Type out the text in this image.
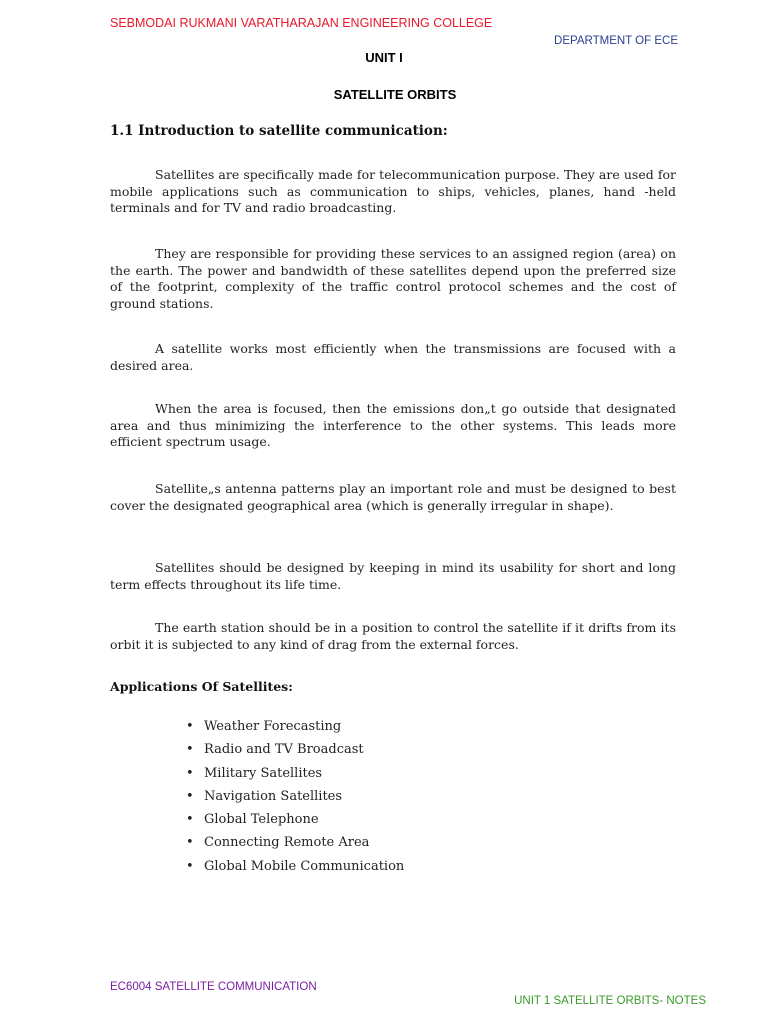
SEBMODAI RUKMANI VARATHARAJAN ENGINEERING COLLEGE
DEPARTMENT OF ECE
UNIT I
SATELLITE ORBITS
1.1 Introduction to satellite communication:

Satellites are specifically made for telecommunication purpose. They are used for mobile applications such as communication to ships, vehicles, planes, hand -held terminals and for TV and radio broadcasting.

They are responsible for providing these services to an assigned region (area) on the earth. The power and bandwidth of these satellites depend upon the preferred size of the footprint, complexity of the traffic control protocol schemes and the cost of ground stations.

A satellite works most efficiently when the transmissions are focused with a desired area.

When the area is focused, then the emissions don„t go outside that designated area and thus minimizing the interference to the other systems. This leads more efficient spectrum usage.

Satellite„s antenna patterns play an important role and must be designed to best cover the designated geographical area (which is generally irregular in shape).

Satellites should be designed by keeping in mind its usability for short and long term effects throughout its life time.

The earth station should be in a position to control the satellite if it drifts from its orbit it is subjected to any kind of drag from the external forces.

Applications Of Satellites:
• Weather Forecasting
• Radio and TV Broadcast
• Military Satellites
• Navigation Satellites
• Global Telephone
• Connecting Remote Area
• Global Mobile Communication
EC6004 SATELLITE COMMUNICATION
UNIT 1 SATELLITE ORBITS- NOTES
